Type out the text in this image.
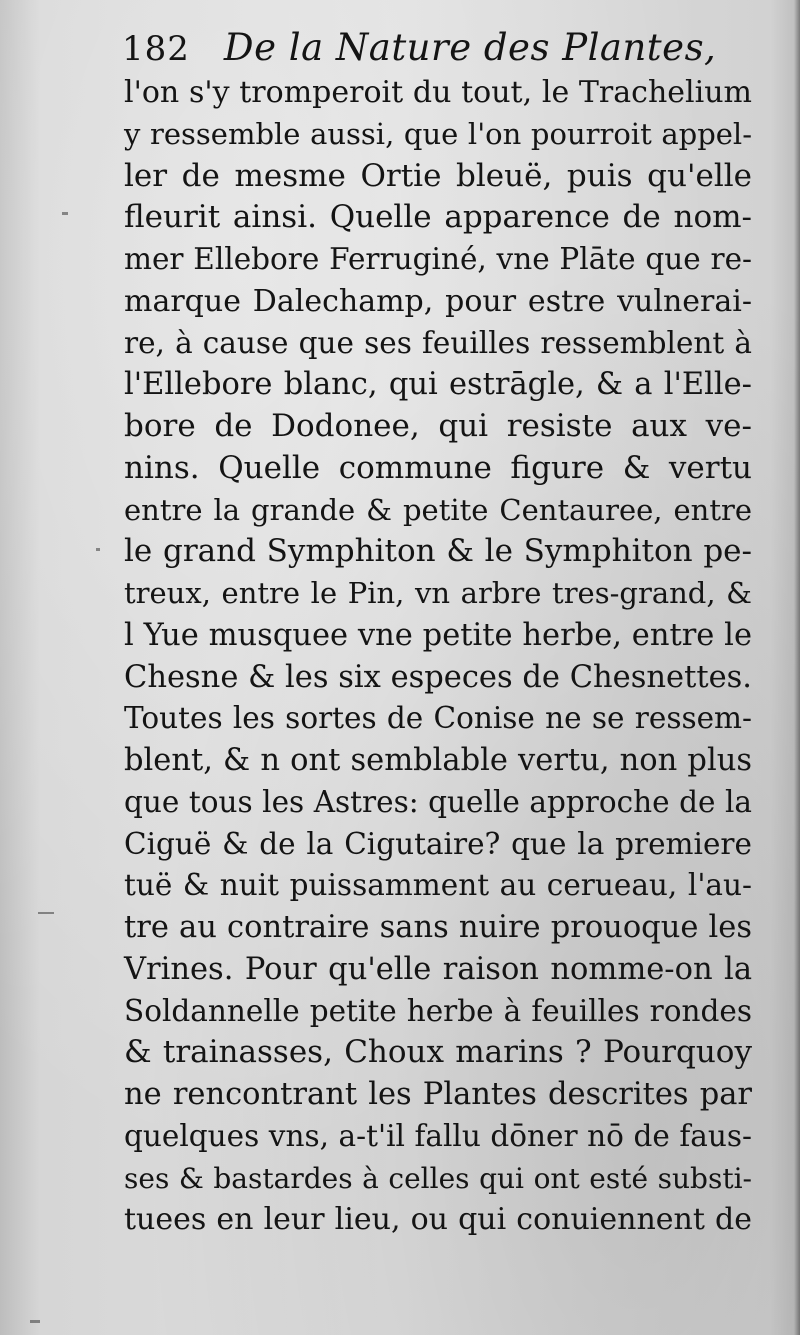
182 De la Nature des Plantes,
l'on s'y tromperoit du tout, le Trachelium
y ressemble aussi, que l'on pourroit appel-
ler de mesme Ortie bleuë, puis qu'elle
fleurit ainsi. Quelle apparence de nom-
mer Ellebore Ferruginé, vne Plāte que re-
marque Dalechamp, pour estre vulnerai-
re, à cause que ses feuilles ressemblent à
l'Ellebore blanc, qui estrāgle, & a l'Elle-
bore de Dodonee, qui resiste aux ve-
nins. Quelle commune figure & vertu
entre la grande & petite Centauree, entre
le grand Symphiton & le Symphiton pe-
treux, entre le Pin, vn arbre tres-grand, &
l Yue musquee vne petite herbe, entre le
Chesne & les six especes de Chesnettes.
Toutes les sortes de Conise ne se ressem-
blent, & n ont semblable vertu, non plus
que tous les Astres: quelle approche de la
Ciguë & de la Cigutaire? que la premiere
tuë & nuit puissamment au cerueau, l'au-
tre au contraire sans nuire prouoque les
Vrines. Pour qu'elle raison nomme-on la
Soldannelle petite herbe à feuilles rondes
& trainasses, Choux marins ? Pourquoy
ne rencontrant les Plantes descrites par
quelques vns, a-t'il fallu dōner nō de faus-
ses & bastardes à celles qui ont esté substi-
tuees en leur lieu, ou qui conuiennent de
